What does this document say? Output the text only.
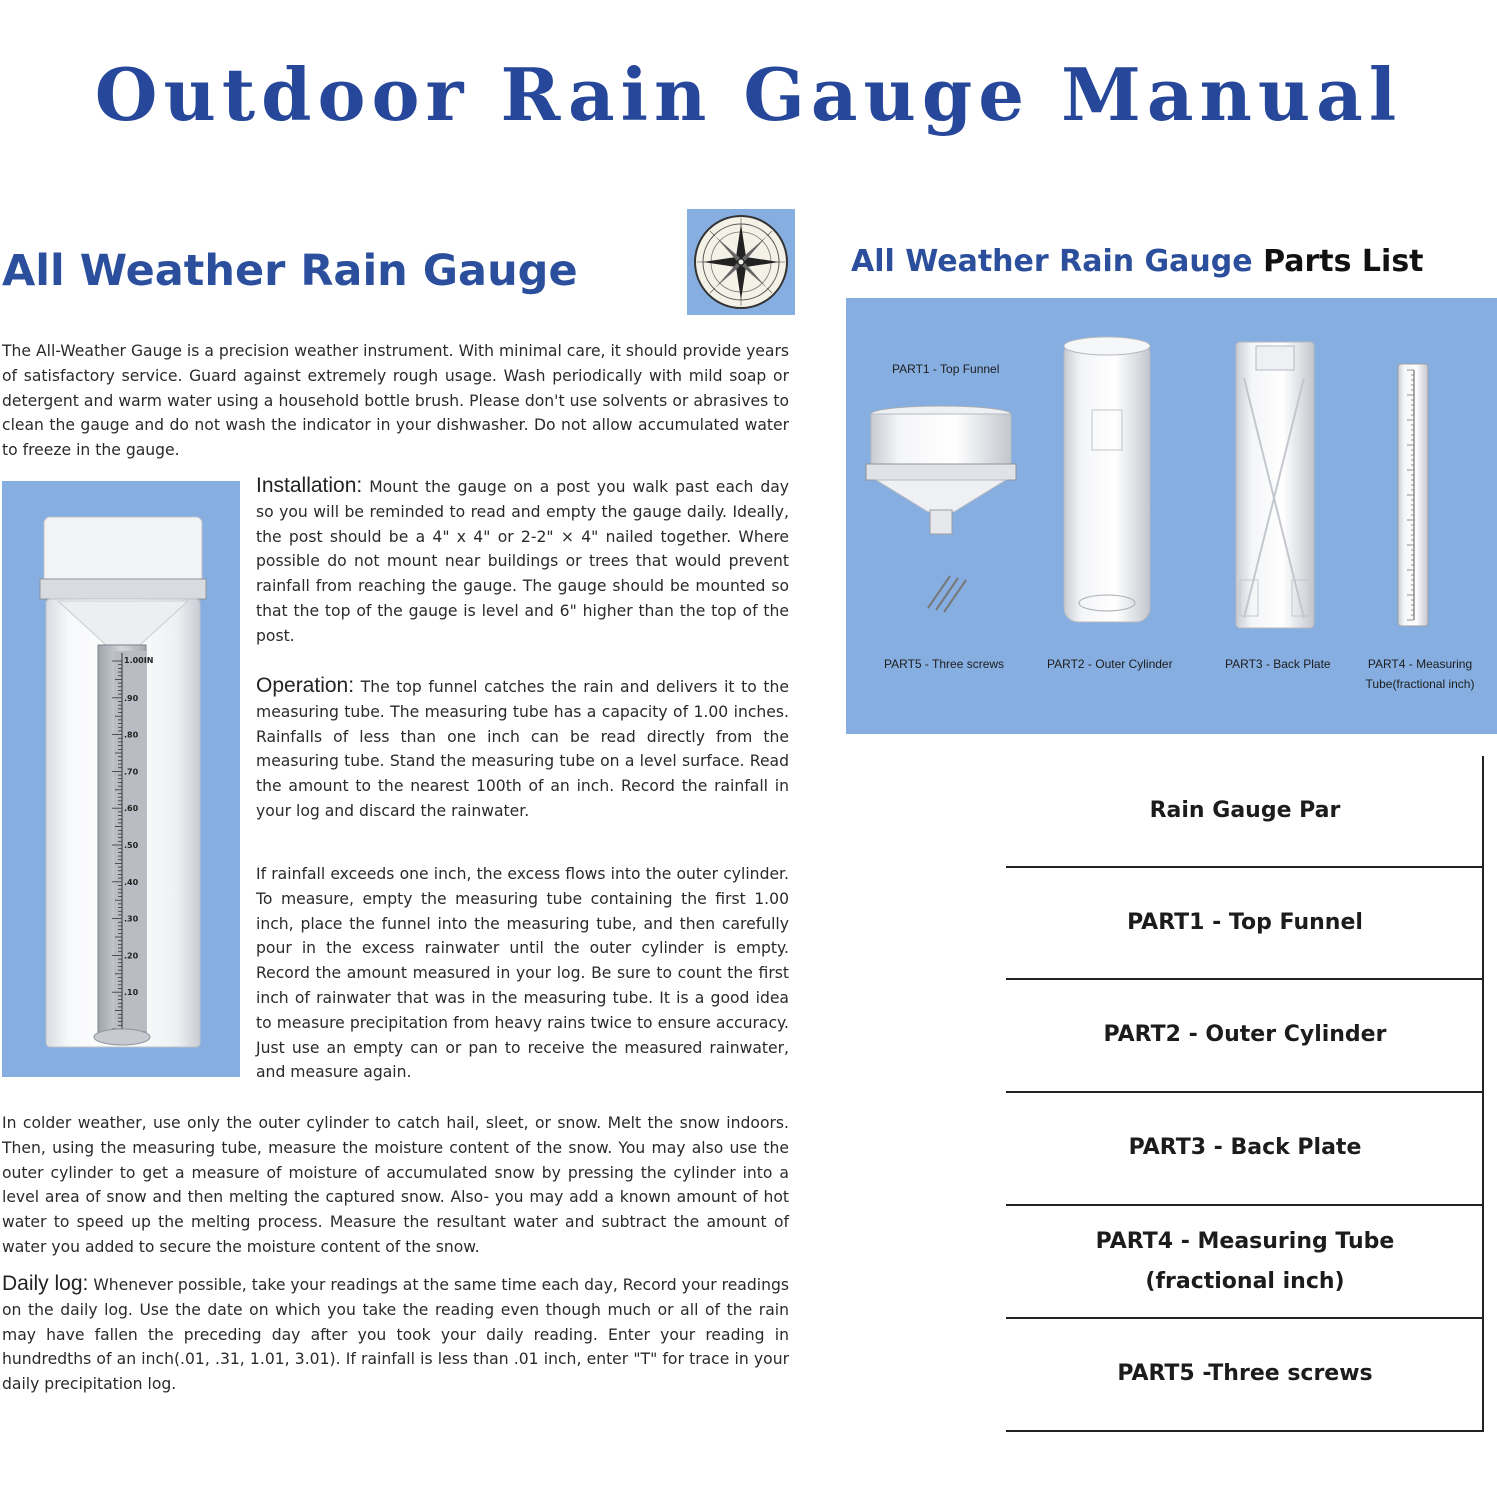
Outdoor Rain Gauge Manual
All Weather Rain Gauge
The All-Weather Gauge is a precision weather instrument. With minimal care, it should provide years of satisfactory service. Guard against extremely rough usage. Wash periodically with mild soap or detergent and warm water using a household bottle brush. Please don't use solvents or abrasives to clean the gauge and do not wash the indicator in your dishwasher. Do not allow accumulated water to freeze in the gauge.
1.00IN
.90
.80
.70
.60
.50
.40
.30
.20
.10
Installation: Mount the gauge on a post you walk past each day so you will be reminded to read and empty the gauge daily. Ideally, the post should be a 4" x 4" or 2-2" × 4" nailed together. Where possible do not mount near buildings or trees that would prevent rainfall from reaching the gauge. The gauge should be mounted so that the top of the gauge is level and 6" higher than the top of the post.
Operation: The top funnel catches the rain and delivers it to the measuring tube. The measuring tube has a capacity of 1.00 inches. Rainfalls of less than one inch can be read directly from the measuring tube. Stand the measuring tube on a level surface. Read the amount to the nearest 100th of an inch. Record the rainfall in your log and discard the rainwater.
If rainfall exceeds one inch, the excess flows into the outer cylinder. To measure, empty the measuring tube containing the first 1.00 inch, place the funnel into the measuring tube, and then carefully pour in the excess rainwater until the outer cylinder is empty. Record the amount measured in your log. Be sure to count the first inch of rainwater that was in the measuring tube. It is a good idea to measure precipitation from heavy rains twice to ensure accuracy. Just use an empty can or pan to receive the measured rainwater, and measure again.
In colder weather, use only the outer cylinder to catch hail, sleet, or snow. Melt the snow indoors. Then, using the measuring tube, measure the moisture content of the snow. You may also use the outer cylinder to get a measure of moisture of accumulated snow by pressing the cylinder into a level area of snow and then melting the captured snow. Also- you may add a known amount of hot water to speed up the melting process. Measure the resultant water and subtract the amount of water you added to secure the moisture content of the snow.
Daily log: Whenever possible, take your readings at the same time each day, Record your readings on the daily log. Use the date on which you take the reading even though much or all of the rain may have fallen the preceding day after you took your daily reading. Enter your reading in hundredths of an inch(.01, .31, 1.01, 3.01). If rainfall is less than .01 inch, enter "T" for trace in your daily precipitation log.
All Weather Rain Gauge Parts List
PART1 - Top Funnel
PART5 - Three screws	PART2 - Outer Cylinder	PART3 - Back Plate	PART4 - Measuring
Tube(fractional inch)
Rain Gauge Par
PART1 - Top Funnel
PART2 - Outer Cylinder
PART3 - Back Plate
PART4 - Measuring Tube
(fractional inch)
PART5 -Three screws
